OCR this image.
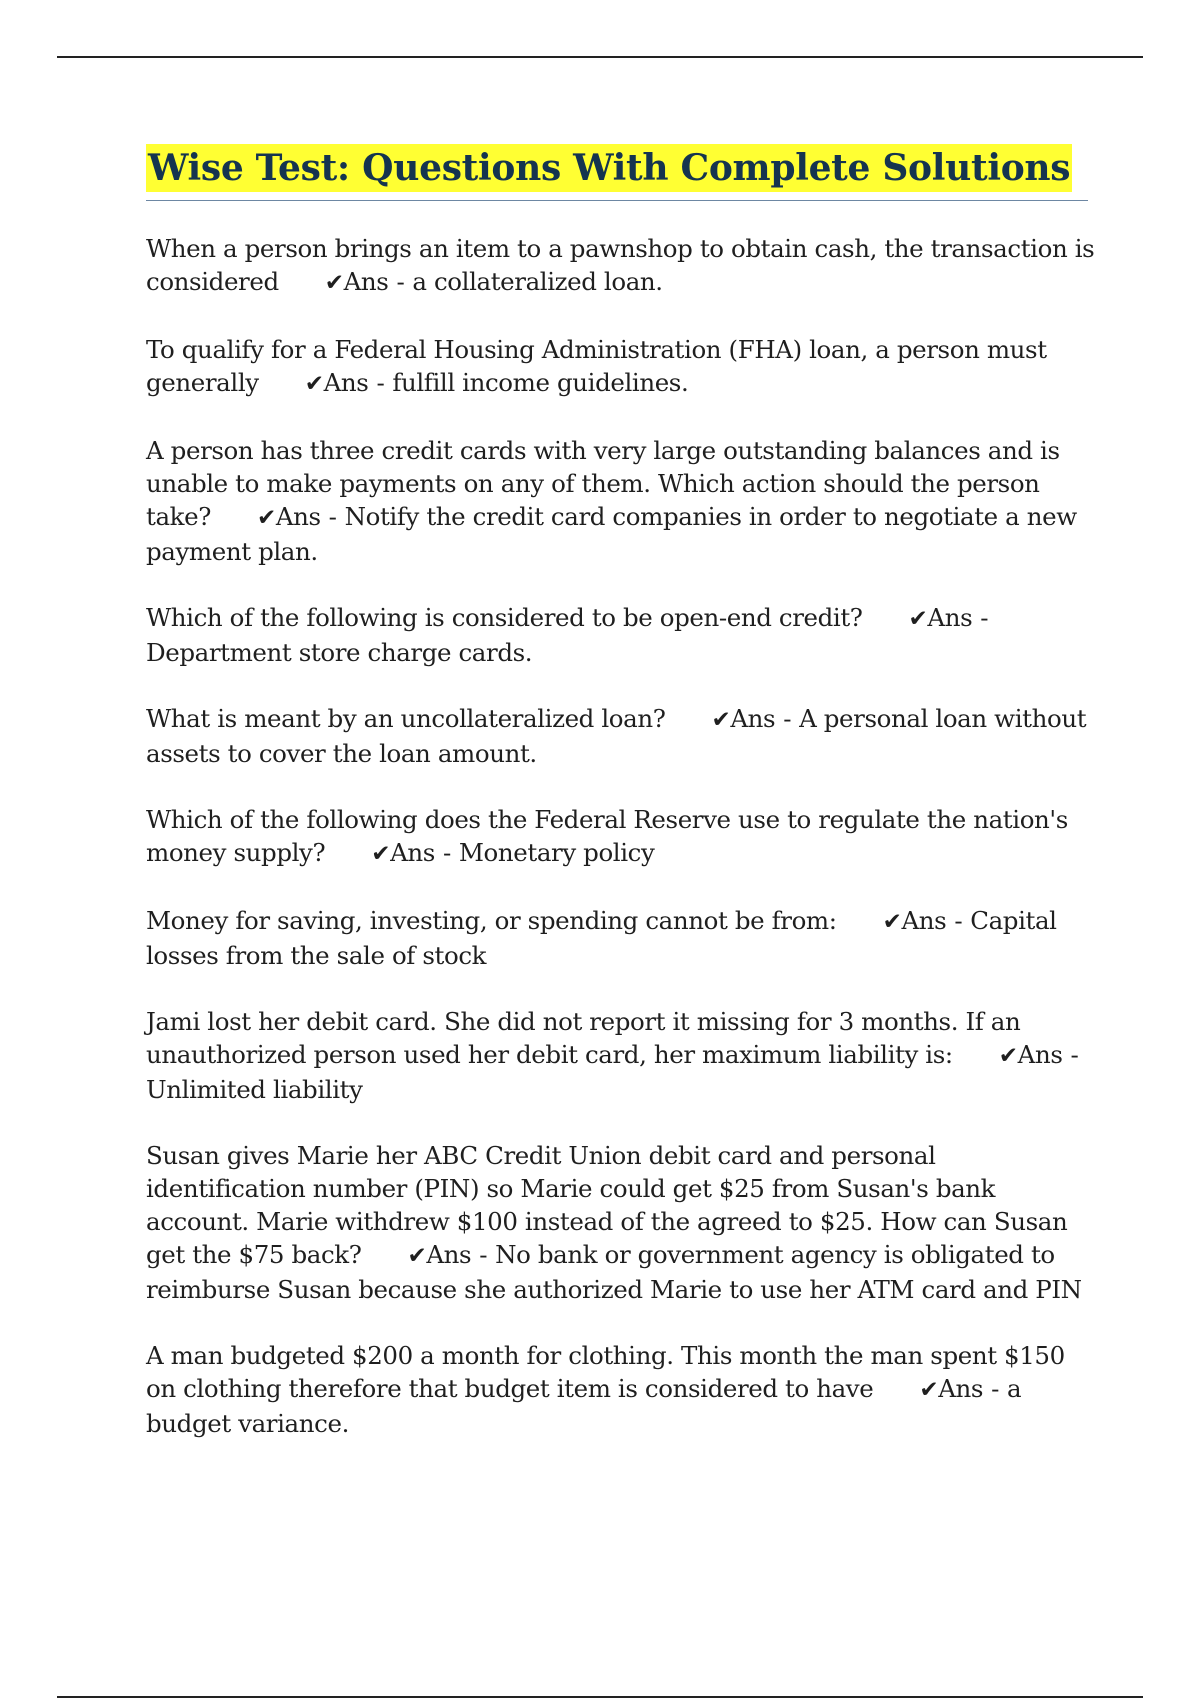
Wise Test: Questions With Complete Solutions
When a person brings an item to a pawnshop to obtain cash, the transaction is considered ✔Ans - a collateralized loan.
To qualify for a Federal Housing Administration (FHA) loan, a person must generally ✔Ans - fulfill income guidelines.
A person has three credit cards with very large outstanding balances and is unable to make payments on any of them. Which action should the person take? ✔Ans - Notify the credit card companies in order to negotiate a new payment plan.
Which of the following is considered to be open-end credit? ✔Ans -Department store charge cards.
What is meant by an uncollateralized loan? ✔Ans - A personal loan without assets to cover the loan amount.
Which of the following does the Federal Reserve use to regulate the nation's money supply? ✔Ans - Monetary policy
Money for saving, investing, or spending cannot be from: ✔Ans - Capital losses from the sale of stock
Jami lost her debit card. She did not report it missing for 3 months. If an unauthorized person used her debit card, her maximum liability is: ✔Ans -Unlimited liability
Susan gives Marie her ABC Credit Union debit card and personal identification number (PIN) so Marie could get $25 from Susan's bank account. Marie withdrew $100 instead of the agreed to $25. How can Susan get the $75 back? ✔Ans - No bank or government agency is obligated to reimburse Susan because she authorized Marie to use her ATM card and PIN
A man budgeted $200 a month for clothing. This month the man spent $150 on clothing therefore that budget item is considered to have ✔Ans - a budget variance.
